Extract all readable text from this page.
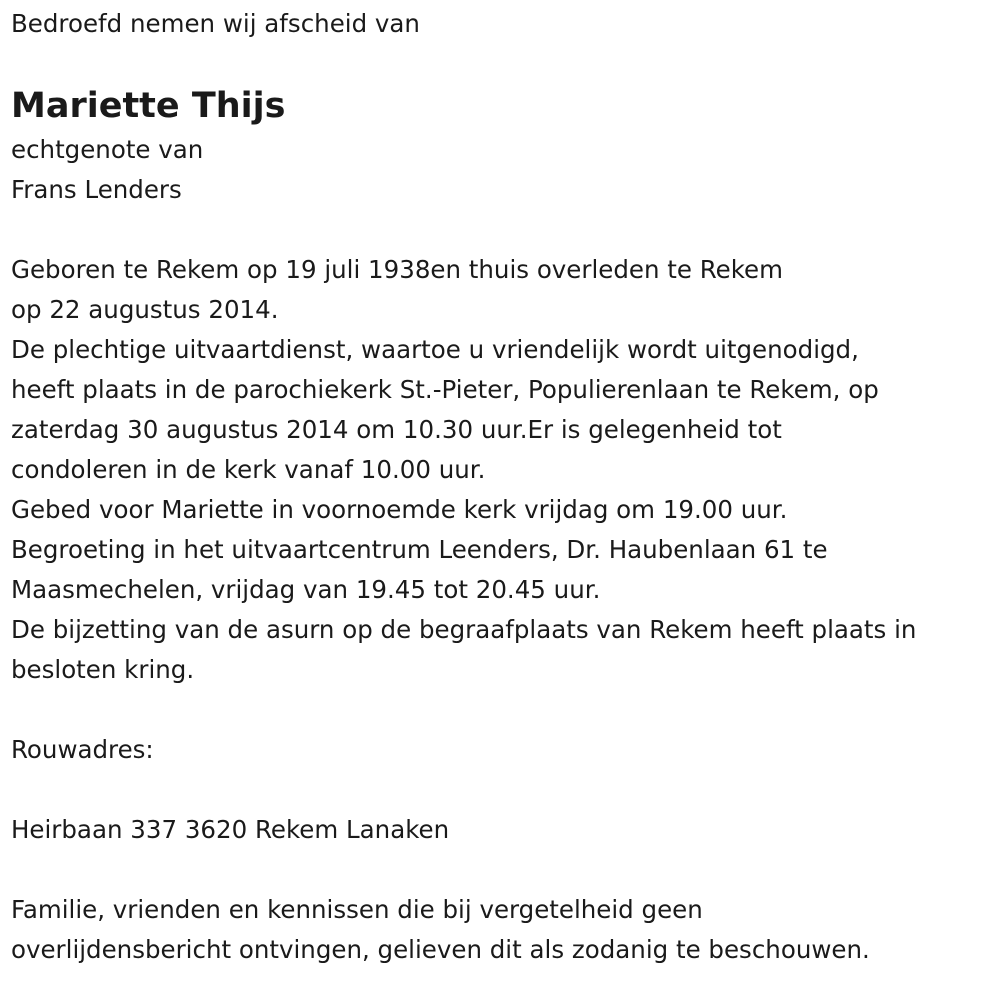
Bedroefd nemen wij afscheid van
Mariette Thijs
echtgenote van
Frans Lenders
Geboren te Rekem op 19 juli 1938en thuis overleden te Rekem
op 22 augustus 2014.
De plechtige uitvaartdienst, waartoe u vriendelijk wordt uitgenodigd,
heeft plaats in de parochiekerk St.-Pieter, Populierenlaan te Rekem, op
zaterdag 30 augustus 2014 om 10.30 uur.Er is gelegenheid tot
condoleren in de kerk vanaf 10.00 uur.
Gebed voor Mariette in voornoemde kerk vrijdag om 19.00 uur.
Begroeting in het uitvaartcentrum Leenders, Dr. Haubenlaan 61 te
Maasmechelen, vrijdag van 19.45 tot 20.45 uur.
De bijzetting van de asurn op de begraafplaats van Rekem heeft plaats in
besloten kring.
Rouwadres:
Heirbaan 337 3620 Rekem Lanaken
Familie, vrienden en kennissen die bij vergetelheid geen
overlijdensbericht ontvingen, gelieven dit als zodanig te beschouwen.
